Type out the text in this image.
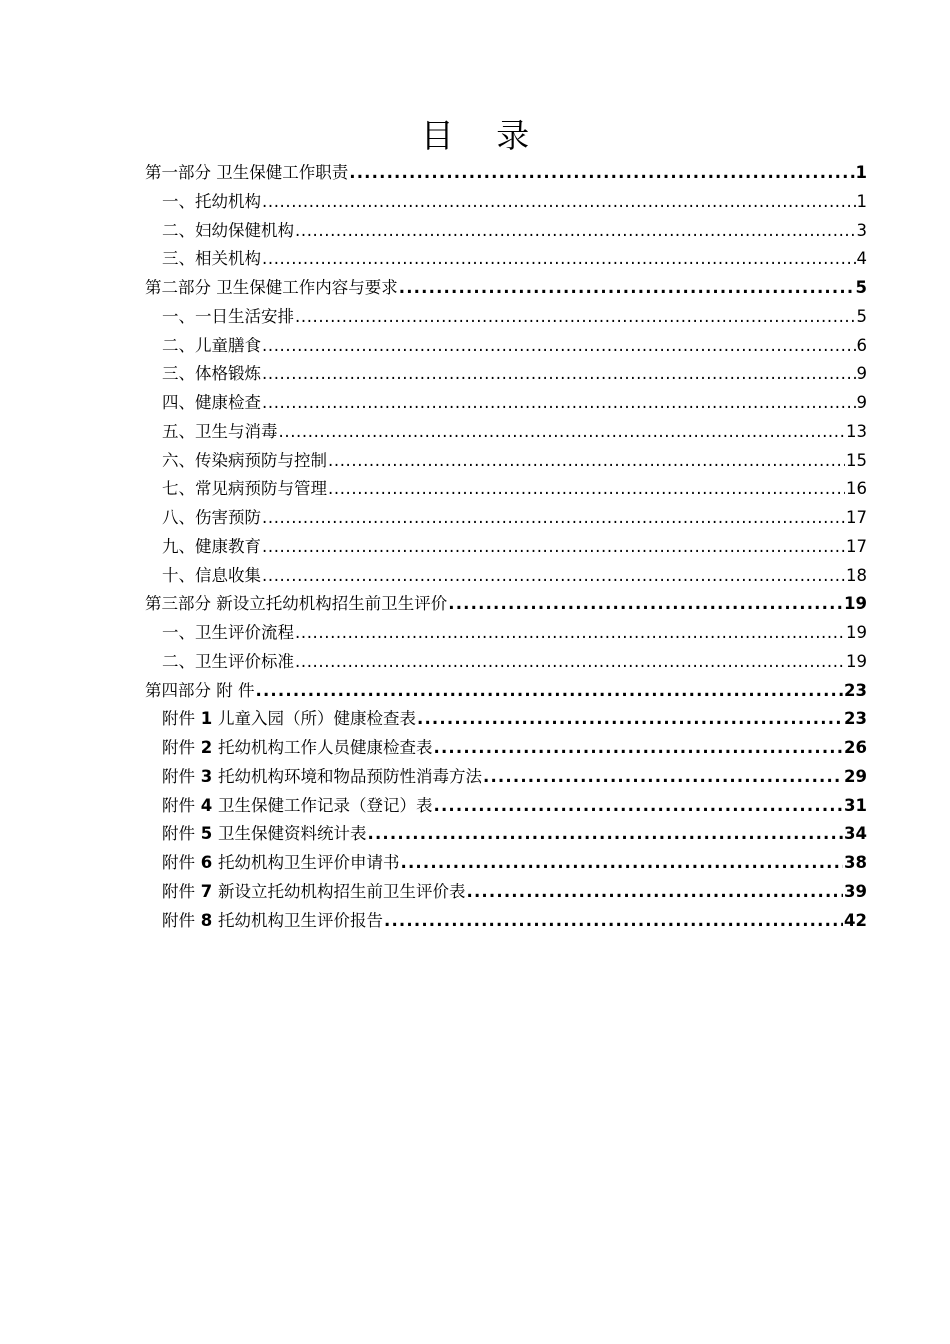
目 录
第一部分 卫生保健工作职责 .....	1
一、托幼机构 .....	1
二、妇幼保健机构 .....	3
三、相关机构 .....	4
第二部分 卫生保健工作内容与要求 .....	5
一、一日生活安排 .....	5
二、儿童膳食 .....	6
三、体格锻炼 .....	9
四、健康检查 .....	9
五、卫生与消毒 .....	13
六、传染病预防与控制 .....	15
七、常见病预防与管理 .....	16
八、伤害预防 .....	17
九、健康教育 .....	17
十、信息收集 .....	18
第三部分 新设立托幼机构招生前卫生评价 .....	19
一、卫生评价流程 .....	19
二、卫生评价标准 .....	19
第四部分 附 件 .....	23
附件 1 儿童入园（所）健康检查表 .....	23
附件 2 托幼机构工作人员健康检查表 .....	26
附件 3 托幼机构环境和物品预防性消毒方法 .....	29
附件 4 卫生保健工作记录（登记）表 .....	31
附件 5 卫生保健资料统计表 .....	34
附件 6 托幼机构卫生评价申请书 .....	38
附件 7 新设立托幼机构招生前卫生评价表 .....	39
附件 8 托幼机构卫生评价报告 .....	42
